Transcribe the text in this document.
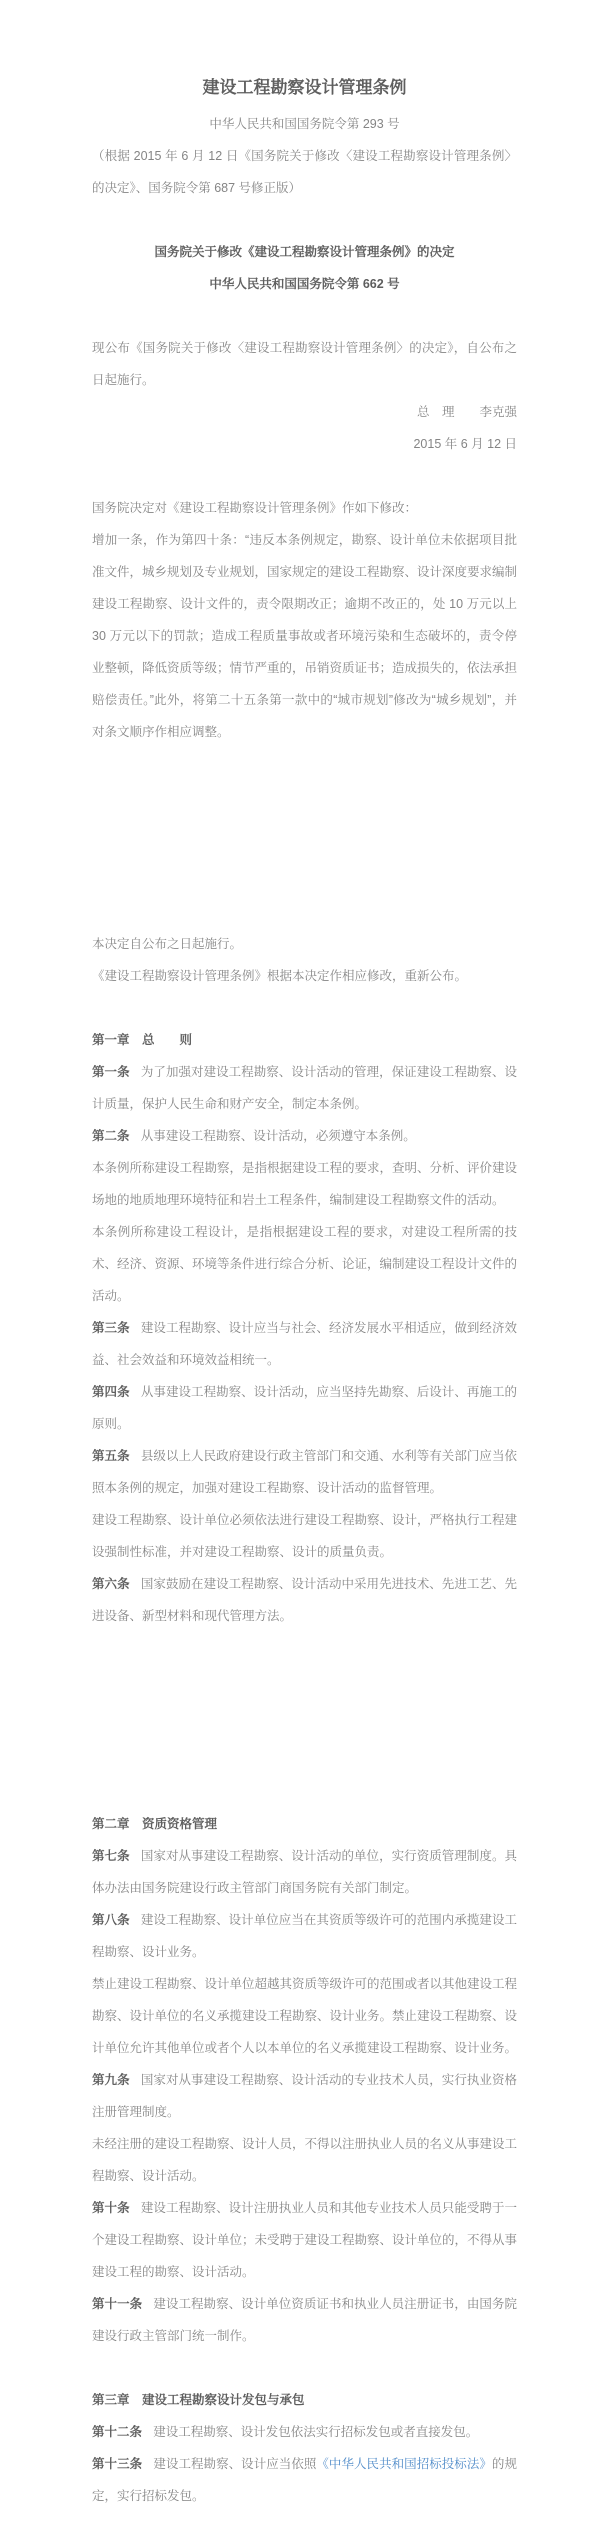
建设工程勘察设计管理条例

中华人民共和国国务院令第 293 号

（根据 2015 年 6 月 12 日《国务院关于修改〈建设工程勘察设计管理条例〉的决定》、国务院令第 687 号修正版）

国务院关于修改《建设工程勘察设计管理条例》的决定

中华人民共和国国务院令第 662 号

现公布《国务院关于修改〈建设工程勘察设计管理条例〉的决定》，自公布之日起施行。

总　理　　李克强

2015 年 6 月 12 日

国务院决定对《建设工程勘察设计管理条例》作如下修改：

增加一条，作为第四十条：“违反本条例规定，勘察、设计单位未依据项目批准文件，城乡规划及专业规划，国家规定的建设工程勘察、设计深度要求编制建设工程勘察、设计文件的，责令限期改正；逾期不改正的，处 10 万元以上 30 万元以下的罚款；造成工程质量事故或者环境污染和生态破坏的，责令停业整顿，降低资质等级；情节严重的，吊销资质证书；造成损失的，依法承担赔偿责任。”此外，将第二十五条第一款中的“城市规划”修改为“城乡规划”，并对条文顺序作相应调整。

本决定自公布之日起施行。

《建设工程勘察设计管理条例》根据本决定作相应修改，重新公布。

第一章　总　　则

第一条 为了加强对建设工程勘察、设计活动的管理，保证建设工程勘察、设计质量，保护人民生命和财产安全，制定本条例。

第二条 从事建设工程勘察、设计活动，必须遵守本条例。

本条例所称建设工程勘察，是指根据建设工程的要求，查明、分析、评价建设场地的地质地理环境特征和岩土工程条件，编制建设工程勘察文件的活动。

本条例所称建设工程设计，是指根据建设工程的要求，对建设工程所需的技术、经济、资源、环境等条件进行综合分析、论证，编制建设工程设计文件的活动。

第三条 建设工程勘察、设计应当与社会、经济发展水平相适应，做到经济效益、社会效益和环境效益相统一。

第四条 从事建设工程勘察、设计活动，应当坚持先勘察、后设计、再施工的原则。

第五条 县级以上人民政府建设行政主管部门和交通、水利等有关部门应当依照本条例的规定，加强对建设工程勘察、设计活动的监督管理。

建设工程勘察、设计单位必须依法进行建设工程勘察、设计，严格执行工程建设强制性标准，并对建设工程勘察、设计的质量负责。

第六条 国家鼓励在建设工程勘察、设计活动中采用先进技术、先进工艺、先进设备、新型材料和现代管理方法。

第二章　资质资格管理

第七条 国家对从事建设工程勘察、设计活动的单位，实行资质管理制度。具体办法由国务院建设行政主管部门商国务院有关部门制定。

第八条 建设工程勘察、设计单位应当在其资质等级许可的范围内承揽建设工程勘察、设计业务。

禁止建设工程勘察、设计单位超越其资质等级许可的范围或者以其他建设工程勘察、设计单位的名义承揽建设工程勘察、设计业务。禁止建设工程勘察、设计单位允许其他单位或者个人以本单位的名义承揽建设工程勘察、设计业务。

第九条 国家对从事建设工程勘察、设计活动的专业技术人员，实行执业资格注册管理制度。

未经注册的建设工程勘察、设计人员，不得以注册执业人员的名义从事建设工程勘察、设计活动。

第十条 建设工程勘察、设计注册执业人员和其他专业技术人员只能受聘于一个建设工程勘察、设计单位；未受聘于建设工程勘察、设计单位的，不得从事建设工程的勘察、设计活动。

第十一条 建设工程勘察、设计单位资质证书和执业人员注册证书，由国务院建设行政主管部门统一制作。

第三章　建设工程勘察设计发包与承包

第十二条 建设工程勘察、设计发包依法实行招标发包或者直接发包。

第十三条 建设工程勘察、设计应当依照《中华人民共和国招标投标法》的规定，实行招标发包。
